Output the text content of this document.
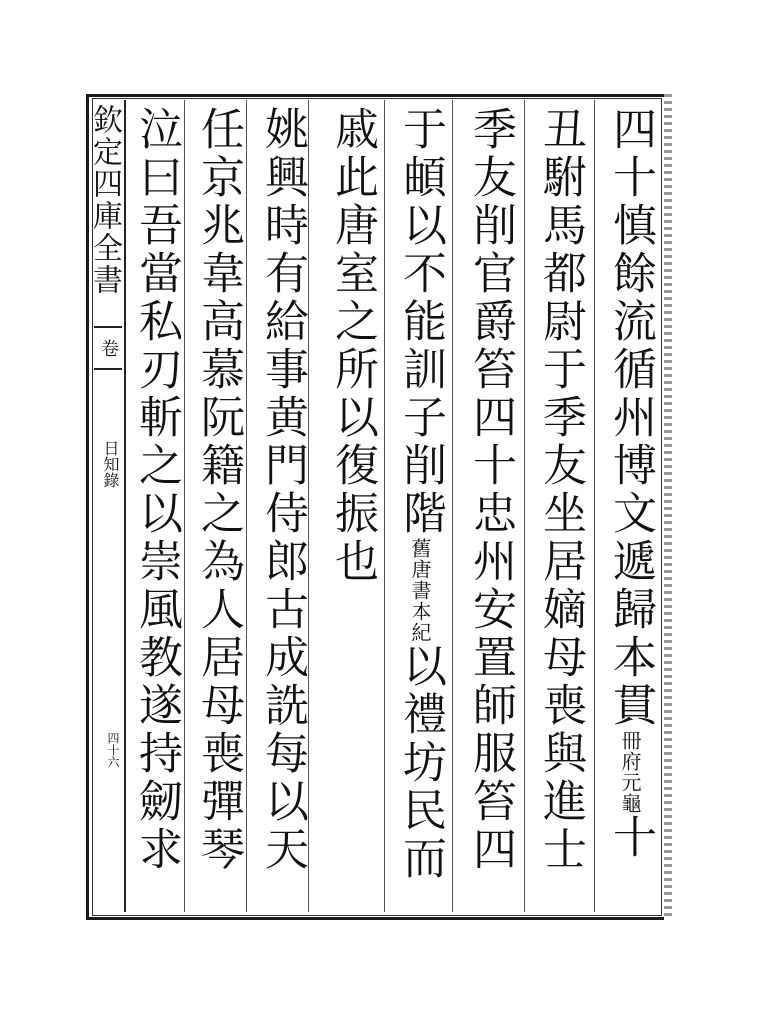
欽定四庫全書
卷
日知錄
四十六
四十慎餘流循州博文遞歸本貫冊府元龜十
丑駙馬都尉于季友坐居嫡母喪與進士
季友削官爵笞四十忠州安置師服笞四
于頔以不能訓子削階舊唐書本紀以禮坊民而
戚此唐室之所以復振也
姚興時有給事黄門侍郎古成詵每以天
任京兆韋高慕阮籍之為人居母喪彈琴
泣曰吾當私刃斬之以崇風教遂持劒求
